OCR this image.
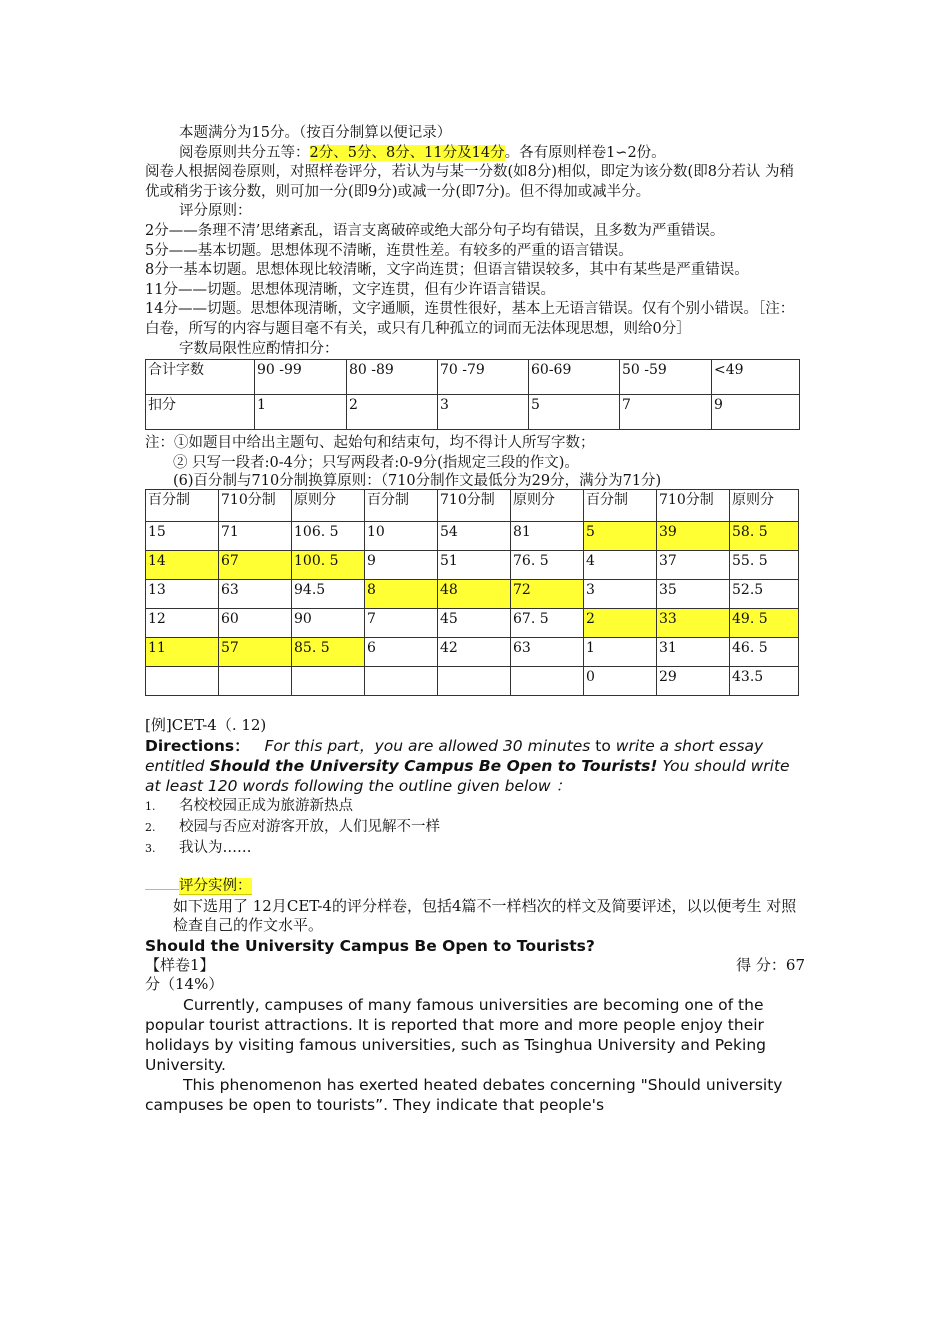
本题满分为15分。（按百分制算以便记录）

阅卷原则共分五等：2分、5分、8分、11分及14分。各有原则样卷1∽2份。

阅卷人根据阅卷原则，对照样卷评分，若认为与某一分数(如8分)相似，即定为该分数(即8分若认 为稍优或稍劣于该分数，则可加一分(即9分)或减一分(即7分)。但不得加或减半分。

评分原则：

2分——条理不清’思绪紊乱，语言支离破碎或绝大部分句子均有错误，且多数为严重错误。

5分——基本切题。思想体现不清晰，连贯性差。有较多的严重的语言错误。

8分一基本切题。思想体现比较清晰，文字尚连贯；但语言错误较多，其中有某些是严重错误。

11分——切题。思想体现清晰，文字连贯，但有少许语言错误。

14分——切题。思想体现清晰，文字通顺，连贯性很好，基本上无语言错误。仅有个别小错误。［注：白卷，所写的内容与题目毫不有关，或只有几种孤立的词而无法体现思想，则给0分］

字数局限性应酌情扣分：

合计字数	90 -99	80 -89	70 -79	60-69	50 -59	<49
扣分	1	2	3	5	7	9

注：①如题目中给出主题句、起始句和结束句，均不得计人所写字数；

② 只写一段者:0-4分；只写两段者:0-9分(指规定三段的作文)。

(6)百分制与710分制换算原则：（710分制作文最低分为29分，满分为71分)

百分制	710分制	原则分	百分制	710分制	原则分	百分制	710分制	原则分
15	71	106. 5	10	54	81	5	39	58. 5
14	67	100. 5	9	51	76. 5	4	37	55. 5
13	63	94.5	8	48	72	3	35	52.5
12	60	90	7	45	67. 5	2	33	49. 5
11	57	85. 5	6	42	63	1	31	46. 5
						0	29	43.5

[例]CET-4（. 12)

Directions： For this part，you are allowed 30 minutes to write a short essay entitled Should the University Campus Be Open to Tourists! You should write at least 120 words following the outline given below ：

1. 名校校园正成为旅游新热点

2. 校园与否应对游客开放，人们见解不一样

3. 我认为……

评分实例：

如下选用了 12月CET-4的评分样卷，包括4篇不一样档次的样文及简要评述，以以便考生 对照检查自己的作文水平。

Should the University Campus Be Open to Tourists?

【样卷1】	得 分：67

分（14%）

Currently, campuses of many famous universities are becoming one of the popular tourist attractions. It is reported that more and more people enjoy their holidays by visiting famous universities, such as Tsinghua University and Peking University.

This phenomenon has exerted heated debates concerning "Should university campuses be open to tourists”. They indicate that people's
